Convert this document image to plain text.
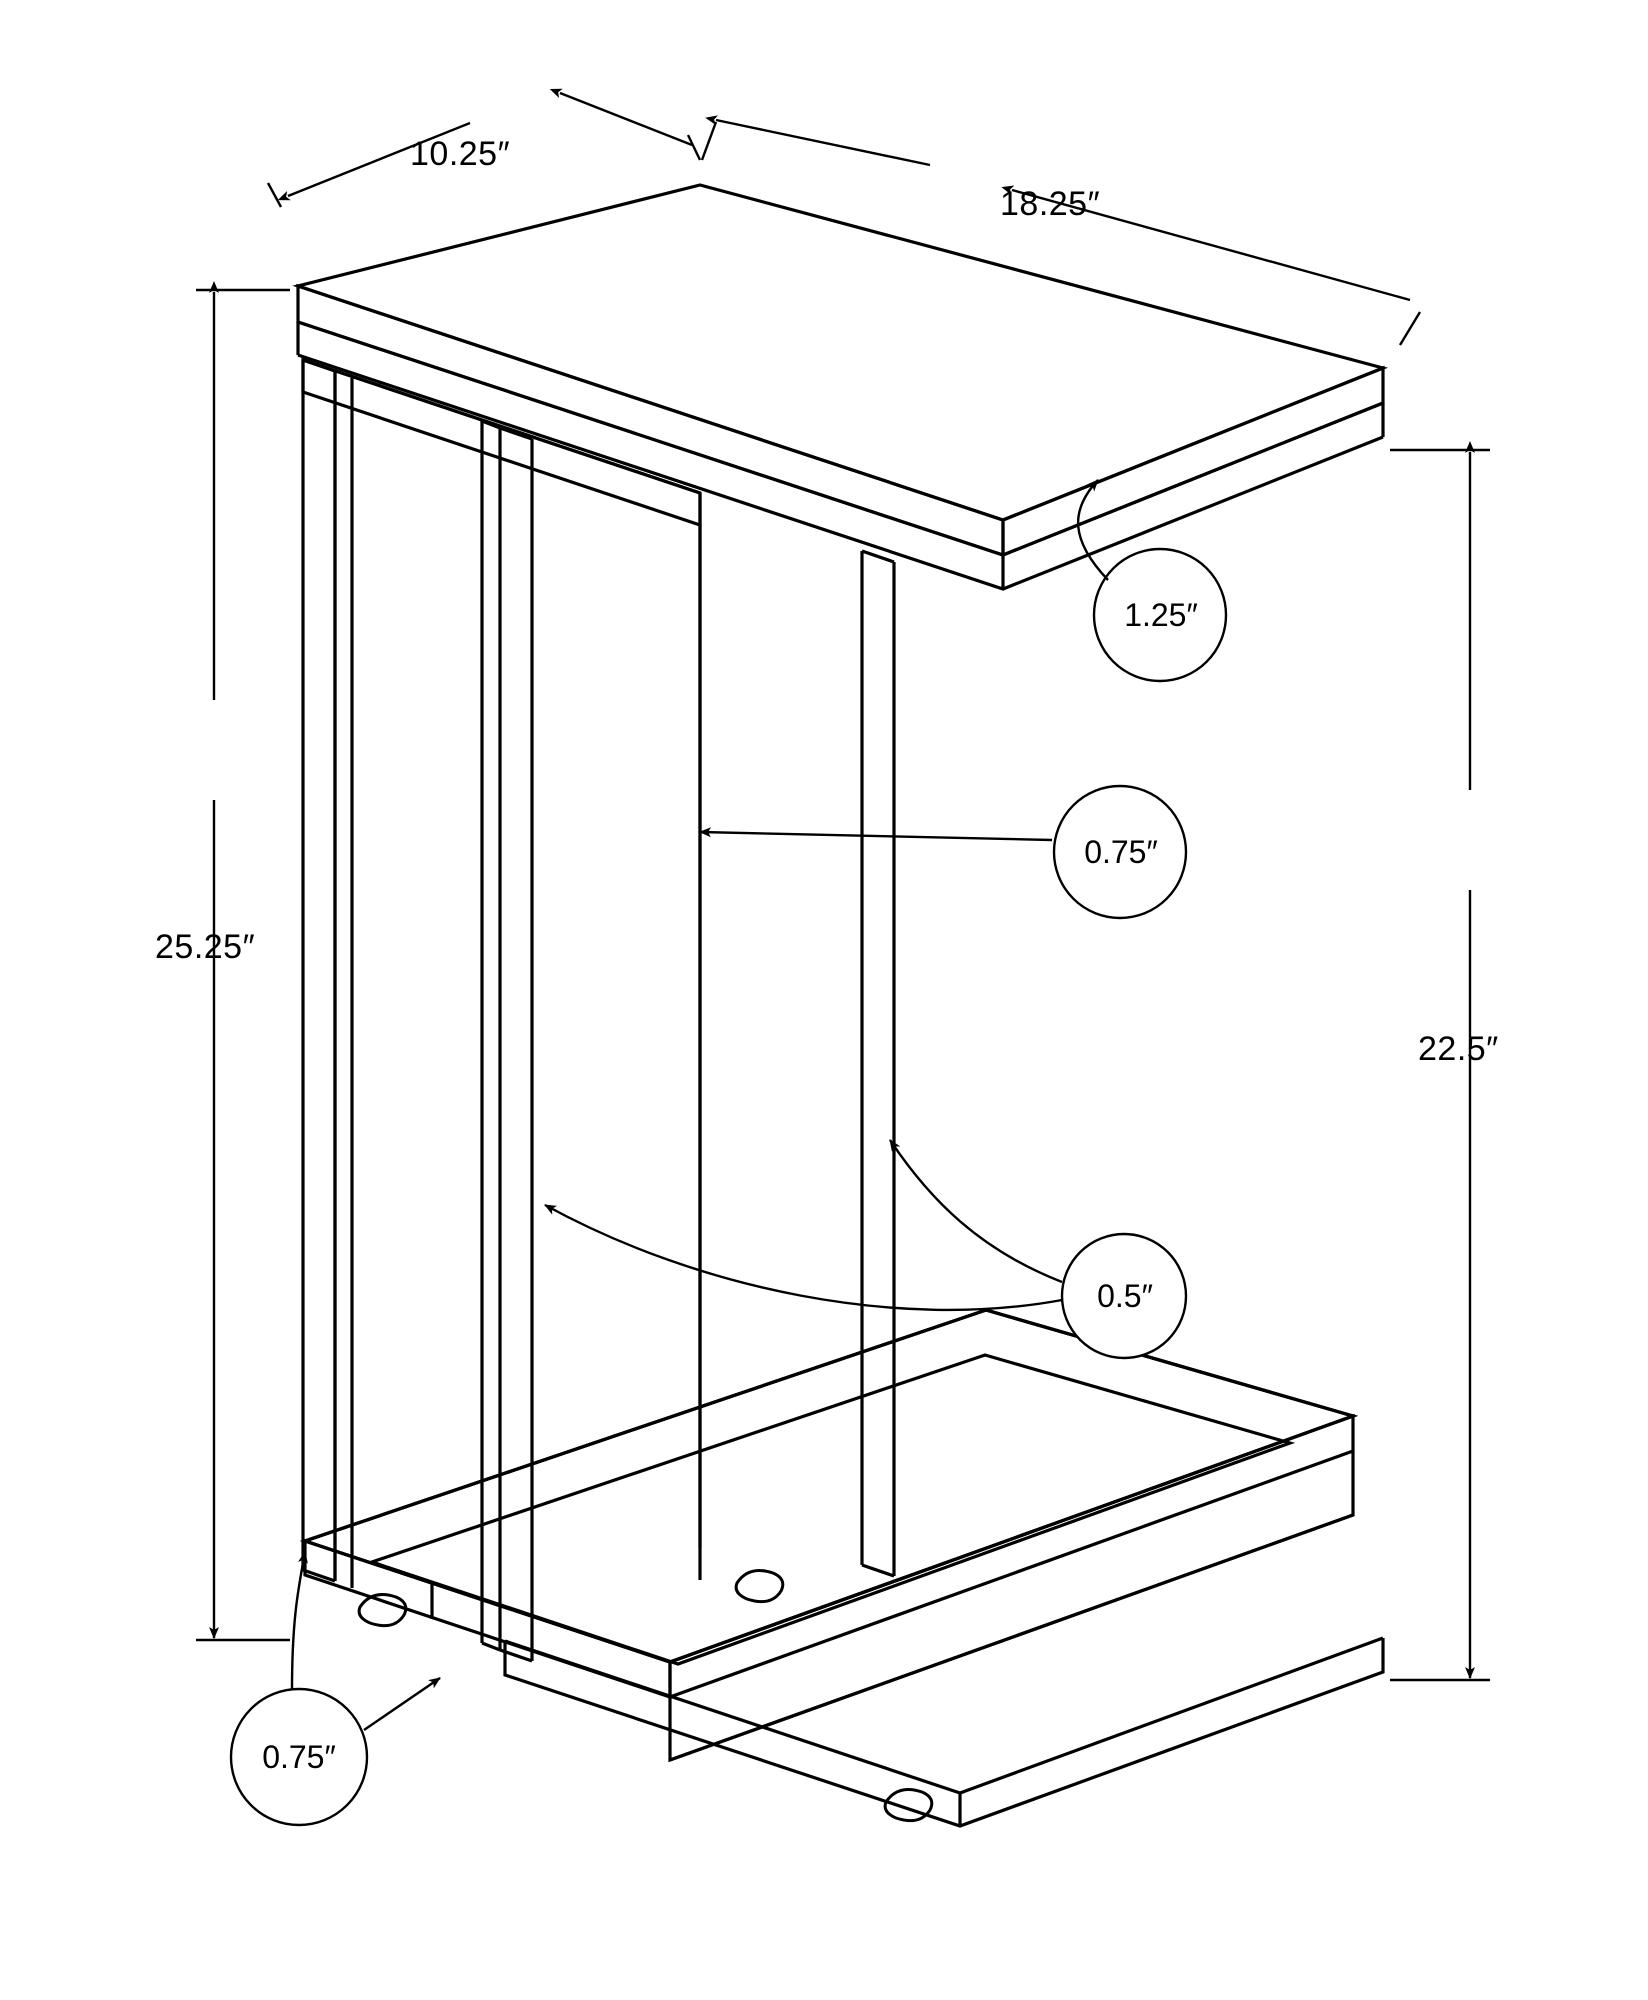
10.25″
18.25″
25.25″
22.5″
1.25″
0.75″
0.5″
0.75″
